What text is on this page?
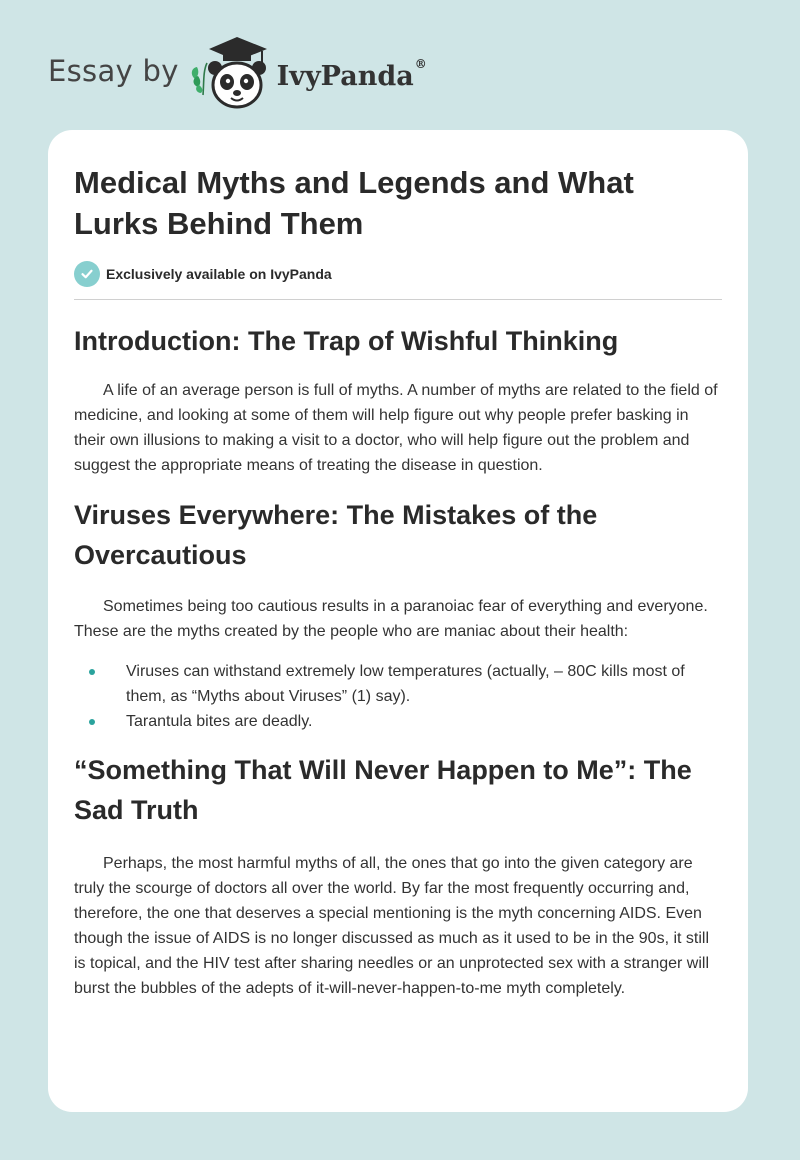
Essay by	IvyPanda®
Medical Myths and Legends and What Lurks Behind Them
Exclusively available on IvyPanda
Introduction: The Trap of Wishful Thinking

A life of an average person is full of myths. A number of myths are related to the field of medicine, and looking at some of them will help figure out why people prefer basking in their own illusions to making a visit to a doctor, who will help figure out the problem and suggest the appropriate means of treating the disease in question.

Viruses Everywhere: The Mistakes of the Overcautious

Sometimes being too cautious results in a paranoiac fear of everything and everyone. These are the myths created by the people who are maniac about their health:

Viruses can withstand extremely low temperatures (actually, – 80C kills most of them, as “Myths about Viruses” (1) say).
Tarantula bites are deadly.
“Something That Will Never Happen to Me”: The Sad Truth

Perhaps, the most harmful myths of all, the ones that go into the given category are truly the scourge of doctors all over the world. By far the most frequently occurring and, therefore, the one that deserves a special mentioning is the myth concerning AIDS. Even though the issue of AIDS is no longer discussed as much as it used to be in the 90s, it still is topical, and the HIV test after sharing needles or an unprotected sex with a stranger will burst the bubbles of the adepts of it-will-never-happen-to-me myth completely.
